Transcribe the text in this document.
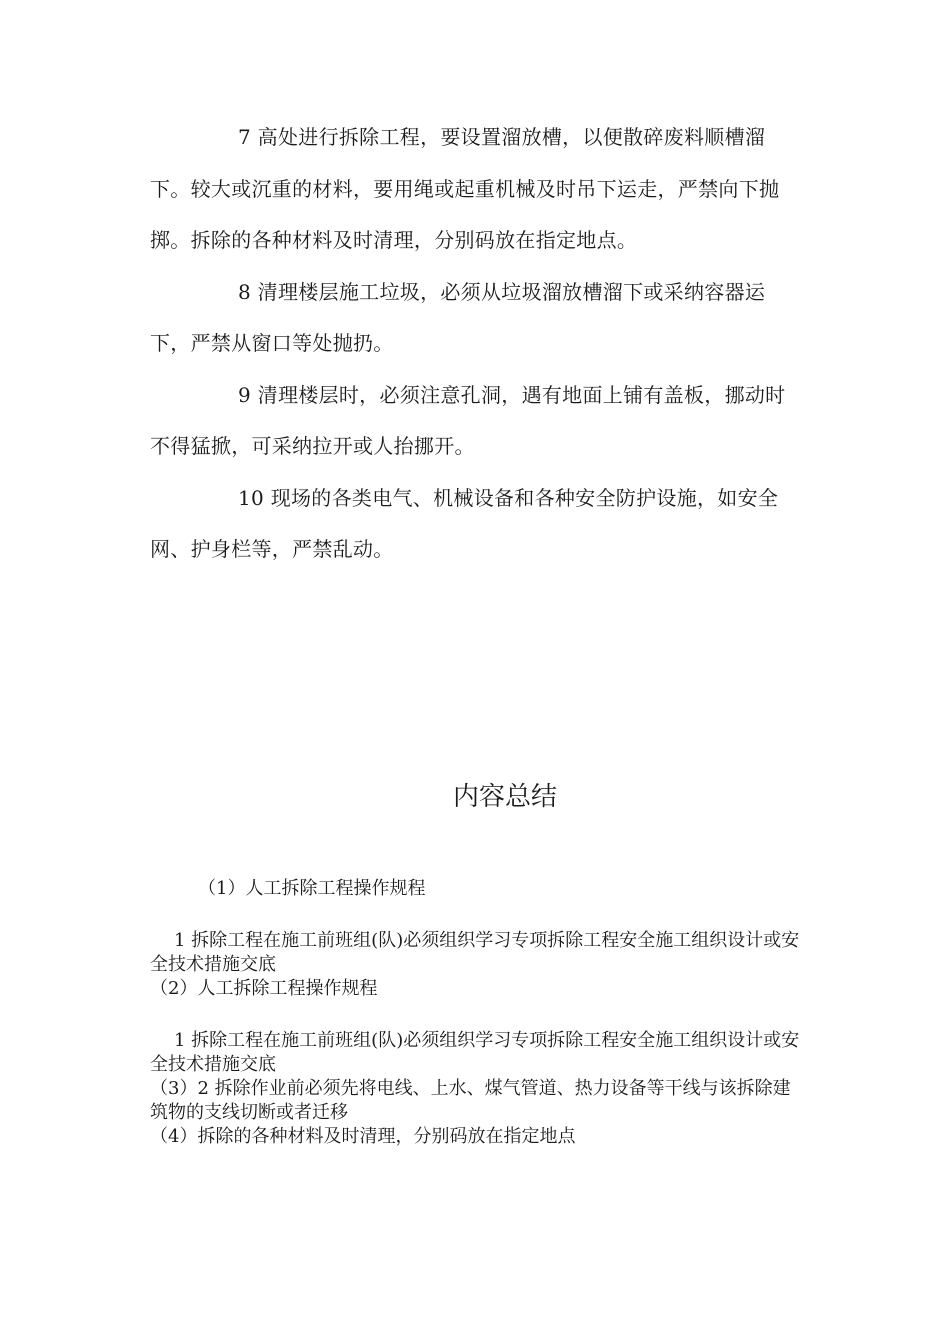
7 高处进行拆除工程，要设置溜放槽，以便散碎废料顺槽溜下。较大或沉重的材料，要用绳或起重机械及时吊下运走，严禁向下抛掷。拆除的各种材料及时清理，分别码放在指定地点。

8 清理楼层施工垃圾，必须从垃圾溜放槽溜下或采纳容器运下，严禁从窗口等处抛扔。

9 清理楼层时，必须注意孔洞，遇有地面上铺有盖板，挪动时不得猛掀，可采纳拉开或人抬挪开。

10 现场的各类电气、机械设备和各种安全防护设施，如安全网、护身栏等，严禁乱动。

内容总结

（1）人工拆除工程操作规程

1 拆除工程在施工前班组(队)必须组织学习专项拆除工程安全施工组织设计或安全技术措施交底

（2）人工拆除工程操作规程

1 拆除工程在施工前班组(队)必须组织学习专项拆除工程安全施工组织设计或安全技术措施交底

（3）2 拆除作业前必须先将电线、上水、煤气管道、热力设备等干线与该拆除建筑物的支线切断或者迁移

（4）拆除的各种材料及时清理，分别码放在指定地点
